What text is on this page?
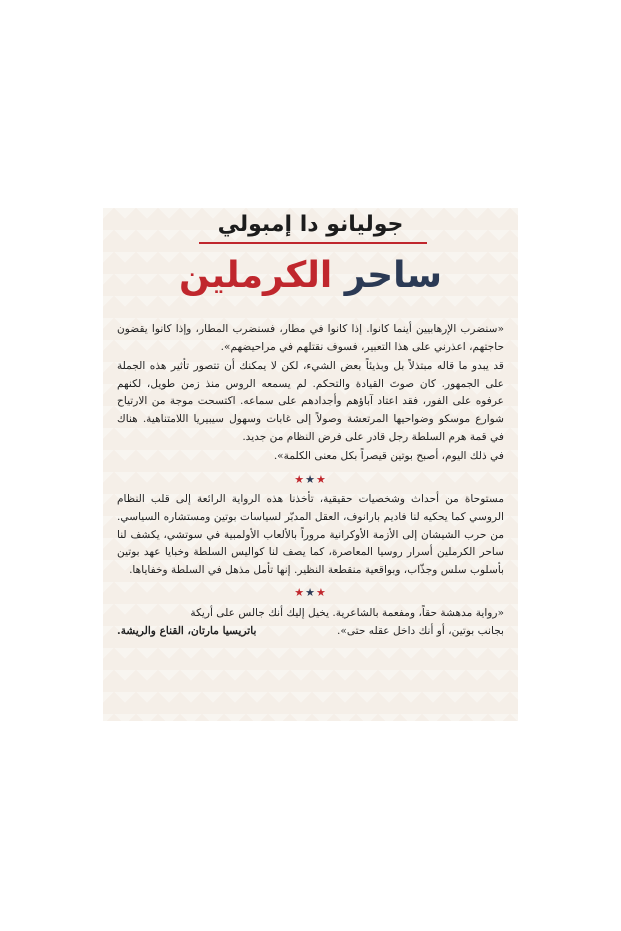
جوليانو دا إمبولي
ساحر الكرملين

«سنضرب الإرهابيين أينما كانوا. إذا كانوا في مطار، فسنضرب المطار، وإذا كانوا يقضون حاجتهم، اعذرني على هذا التعبير، فسوف نقتلهم في مراحيضهم».

قد يبدو ما قاله مبتذلاً بل وبذيئاً بعض الشيء، لكن لا يمكنك أن تتصور تأثير هذه الجملة على الجمهور. كان صوتَ القيادة والتحكم. لم يسمعه الروس منذ زمن طويل، لكنهم عرفوه على الفور، فقد اعتاد آباؤهم وأجدادهم على سماعه. اكتسحت موجة من الارتياح شوارع موسكو وضواحيها المرتعشة وصولاً إلى غابات وسهول سيبيريا اللامتناهية. هناك في قمة هرم السلطة رجل قادر على فرض النظام من جديد.

في ذلك اليوم، أصبح بوتين قيصراً بكل معنى الكلمة».

★★★

مستوحاة من أحداث وشخصيات حقيقية، تأخذنا هذه الرواية الرائعة إلى قلب النظام الروسي كما يحكيه لنا فاديم بارانوف، العقل المدبّر لسياسات بوتين ومستشاره السياسي. من حرب الشيشان إلى الأزمة الأوكرانية مروراً بالألعاب الأولمبية في سوتشي، يكشف لنا ساحر الكرملين أسرار روسيا المعاصرة، كما يصف لنا كواليس السلطة وخبايا عهد بوتين بأسلوب سلس وجذّاب، وبواقعية منقطعة النظير. إنها تأمل مذهل في السلطة وخفاياها.

★★★

«رواية مدهشة حقاً، ومفعمة بالشاعرية. يخيل إليك أنك جالس على أريكة

بجانب بوتين، أو أنك داخل عقله حتى».
باتريسيا مارتان، القناع والريشة.
